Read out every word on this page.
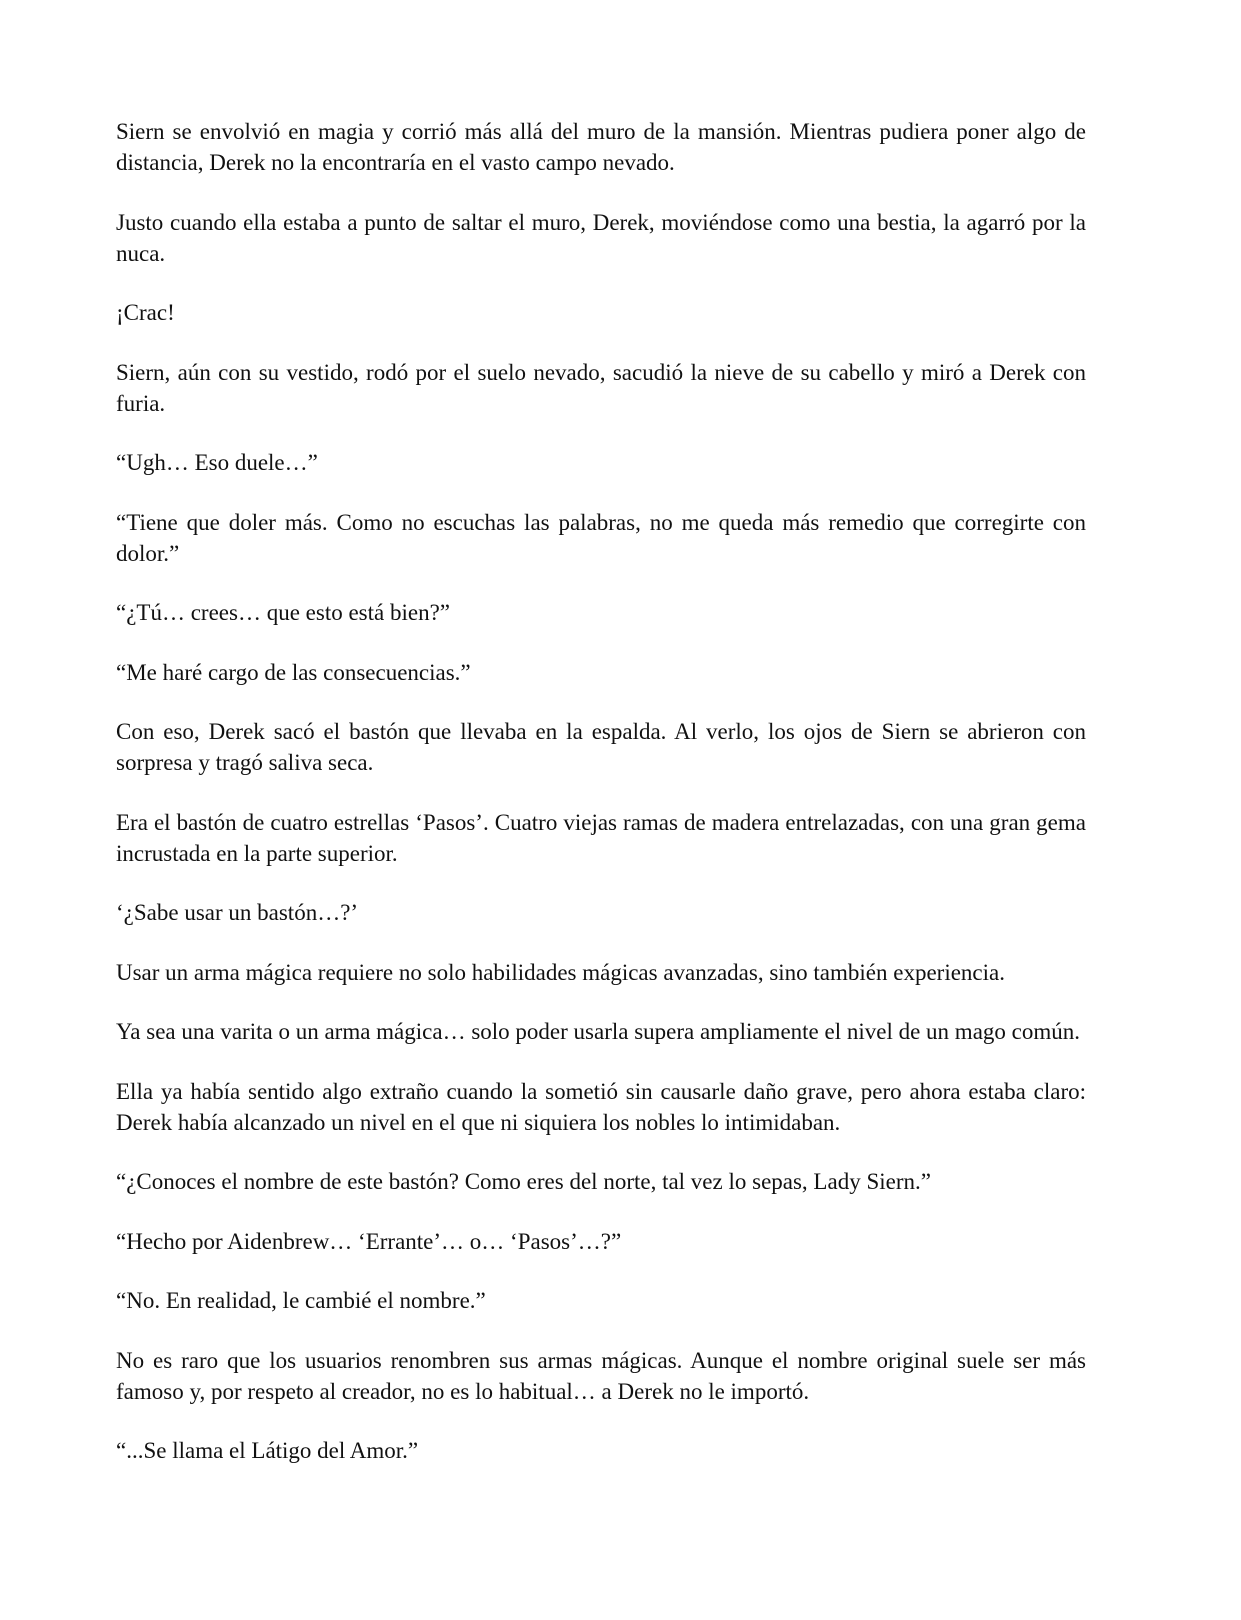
Siern se envolvió en magia y corrió más allá del muro de la mansión. Mientras pudiera poner algo de distancia, Derek no la encontraría en el vasto campo nevado.

Justo cuando ella estaba a punto de saltar el muro, Derek, moviéndose como una bestia, la agarró por la nuca.

¡Crac!

Siern, aún con su vestido, rodó por el suelo nevado, sacudió la nieve de su cabello y miró a Derek con furia.

“Ugh… Eso duele…”

“Tiene que doler más. Como no escuchas las palabras, no me queda más remedio que corregirte con dolor.”

“¿Tú… crees… que esto está bien?”

“Me haré cargo de las consecuencias.”

Con eso, Derek sacó el bastón que llevaba en la espalda. Al verlo, los ojos de Siern se abrieron con sorpresa y tragó saliva seca.

Era el bastón de cuatro estrellas ‘Pasos’. Cuatro viejas ramas de madera entrelazadas, con una gran gema incrustada en la parte superior.

‘¿Sabe usar un bastón…?’

Usar un arma mágica requiere no solo habilidades mágicas avanzadas, sino también experiencia.

Ya sea una varita o un arma mágica… solo poder usarla supera ampliamente el nivel de un mago común.

Ella ya había sentido algo extraño cuando la sometió sin causarle daño grave, pero ahora estaba claro: Derek había alcanzado un nivel en el que ni siquiera los nobles lo intimidaban.

“¿Conoces el nombre de este bastón? Como eres del norte, tal vez lo sepas, Lady Siern.”

“Hecho por Aidenbrew… ‘Errante’… o… ‘Pasos’…?”

“No. En realidad, le cambié el nombre.”

No es raro que los usuarios renombren sus armas mágicas. Aunque el nombre original suele ser más famoso y, por respeto al creador, no es lo habitual… a Derek no le importó.

“...Se llama el Látigo del Amor.”
